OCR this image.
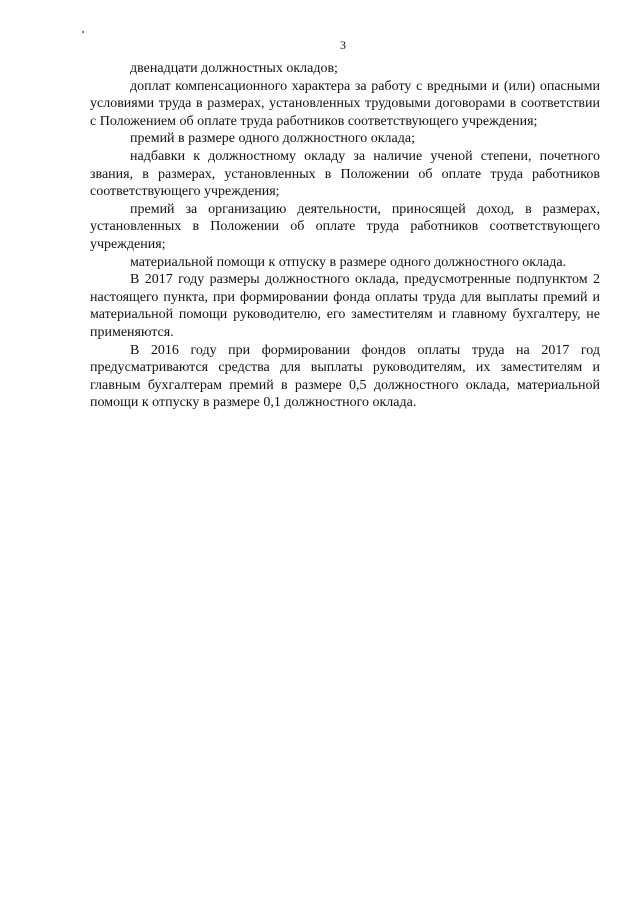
3

двенадцати должностных окладов;

доплат компенсационного характера за работу с вредными и (или) опасными условиями труда в размерах, установленных трудовыми договорами в соответствии с Положением об оплате труда работников соответствующего учреждения;

премий в размере одного должностного оклада;

надбавки к должностному окладу за наличие ученой степени, почетного звания, в размерах, установленных в Положении об оплате труда работников соответствующего учреждения;

премий за организацию деятельности, приносящей доход, в размерах, установленных в Положении об оплате труда работников соответствующего учреждения;

материальной помощи к отпуску в размере одного должностного оклада.

В 2017 году размеры должностного оклада, предусмотренные подпунктом 2 настоящего пункта, при формировании фонда оплаты труда для выплаты премий и материальной помощи руководителю, его заместителям и главному бухгалтеру, не применяются.

В 2016 году при формировании фондов оплаты труда на 2017 год предусматриваются средства для выплаты руководителям, их заместителям и главным бухгалтерам премий в размере 0,5 должностного оклада, материальной помощи к отпуску в размере 0,1 должностного оклада.
